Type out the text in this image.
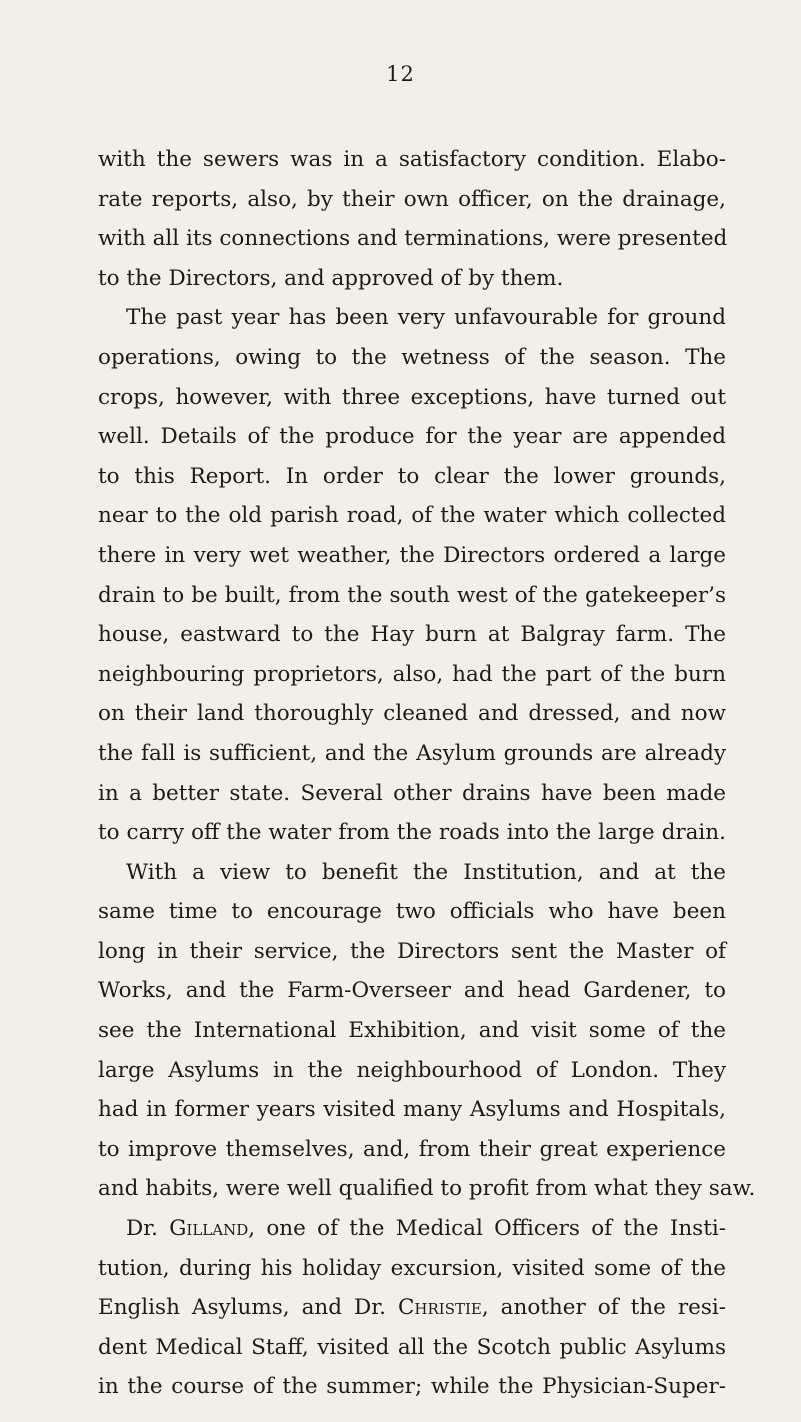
12
with the sewers was in a satisfactory condition. Elabo-
rate reports, also, by their own officer, on the drainage,
with all its connections and terminations, were presented
to the Directors, and approved of by them.
The past year has been very unfavourable for ground
operations, owing to the wetness of the season. The
crops, however, with three exceptions, have turned out
well. Details of the produce for the year are appended
to this Report. In order to clear the lower grounds,
near to the old parish road, of the water which collected
there in very wet weather, the Directors ordered a large
drain to be built, from the south west of the gatekeeper’s
house, eastward to the Hay burn at Balgray farm. The
neighbouring proprietors, also, had the part of the burn
on their land thoroughly cleaned and dressed, and now
the fall is sufficient, and the Asylum grounds are already
in a better state. Several other drains have been made
to carry off the water from the roads into the large drain.
With a view to benefit the Institution, and at the
same time to encourage two officials who have been
long in their service, the Directors sent the Master of
Works, and the Farm-Overseer and head Gardener, to
see the International Exhibition, and visit some of the
large Asylums in the neighbourhood of London. They
had in former years visited many Asylums and Hospitals,
to improve themselves, and, from their great experience
and habits, were well qualified to profit from what they saw.
Dr. Gilland, one of the Medical Officers of the Insti-
tution, during his holiday excursion, visited some of the
English Asylums, and Dr. Christie, another of the resi-
dent Medical Staff, visited all the Scotch public Asylums
in the course of the summer; while the Physician-Super-
